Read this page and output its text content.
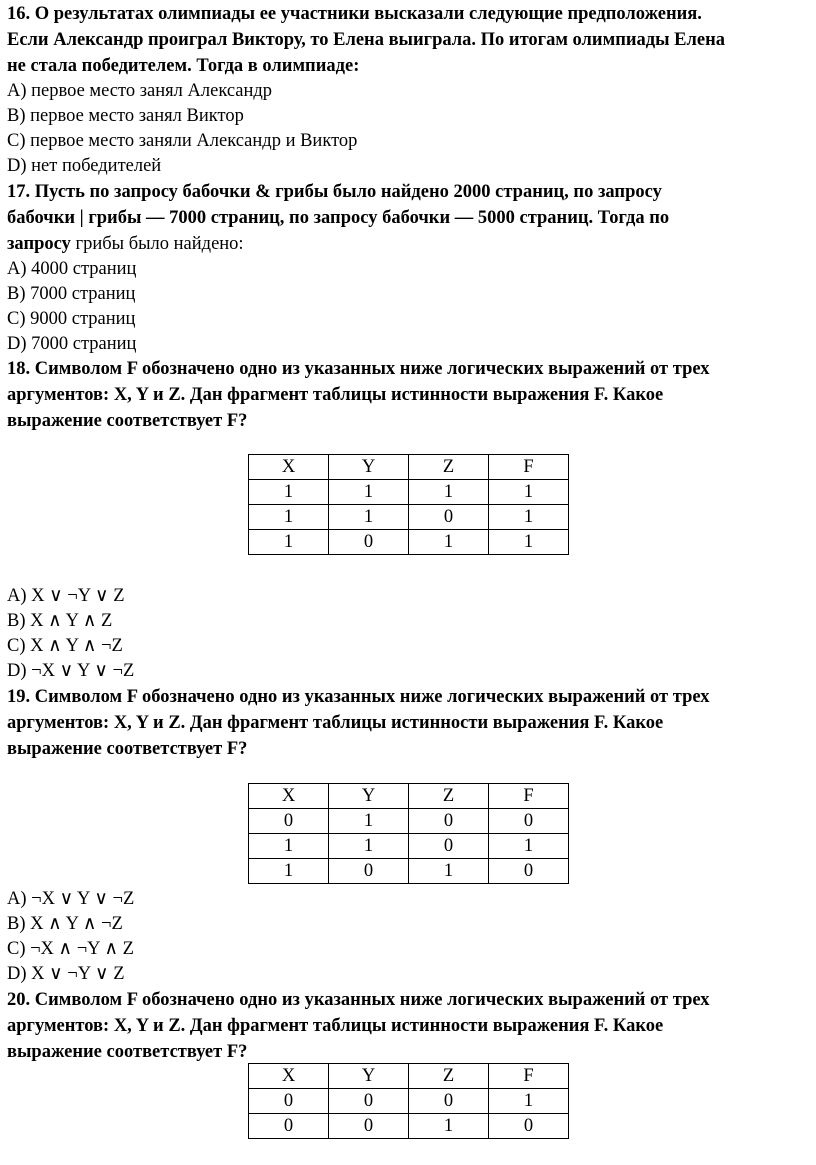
16. О результатах олимпиады ее участники высказали следующие предположения.
Если Александр проиграл Виктору, то Елена выиграла. По итогам олимпиады Елена
не стала победителем. Тогда в олимпиаде:
A) первое место занял Александр
B) первое место занял Виктор
C) первое место заняли Александр и Виктор
D) нет победителей
17. Пусть по запросу бабочки & грибы было найдено 2000 страниц, по запросу
бабочки | грибы — 7000 страниц, по запросу бабочки — 5000 страниц. Тогда по
запросу грибы было найдено:
A) 4000 страниц
B) 7000 страниц
C) 9000 страниц
D) 7000 страниц
18. Символом F обозначено одно из указанных ниже логических выражений от трех
аргументов: X, Y и Z. Дан фрагмент таблицы истинности выражения F. Какое
выражение соответствует F?
X	Y	Z	F
1	1	1	1
1	1	0	1
1	0	1	1
A) X ∨ ¬Y ∨ Z
B) X ∧ Y ∧ Z
C) X ∧ Y ∧ ¬Z
D) ¬X ∨ Y ∨ ¬Z
19. Символом F обозначено одно из указанных ниже логических выражений от трех
аргументов: X, Y и Z. Дан фрагмент таблицы истинности выражения F. Какое
выражение соответствует F?
X	Y	Z	F
0	1	0	0
1	1	0	1
1	0	1	0
A) ¬X ∨ Y ∨ ¬Z
B) X ∧ Y ∧ ¬Z
C) ¬X ∧ ¬Y ∧ Z
D) X ∨ ¬Y ∨ Z
20. Символом F обозначено одно из указанных ниже логических выражений от трех
аргументов: X, Y и Z. Дан фрагмент таблицы истинности выражения F. Какое
выражение соответствует F?
X	Y	Z	F
0	0	0	1
0	0	1	0
